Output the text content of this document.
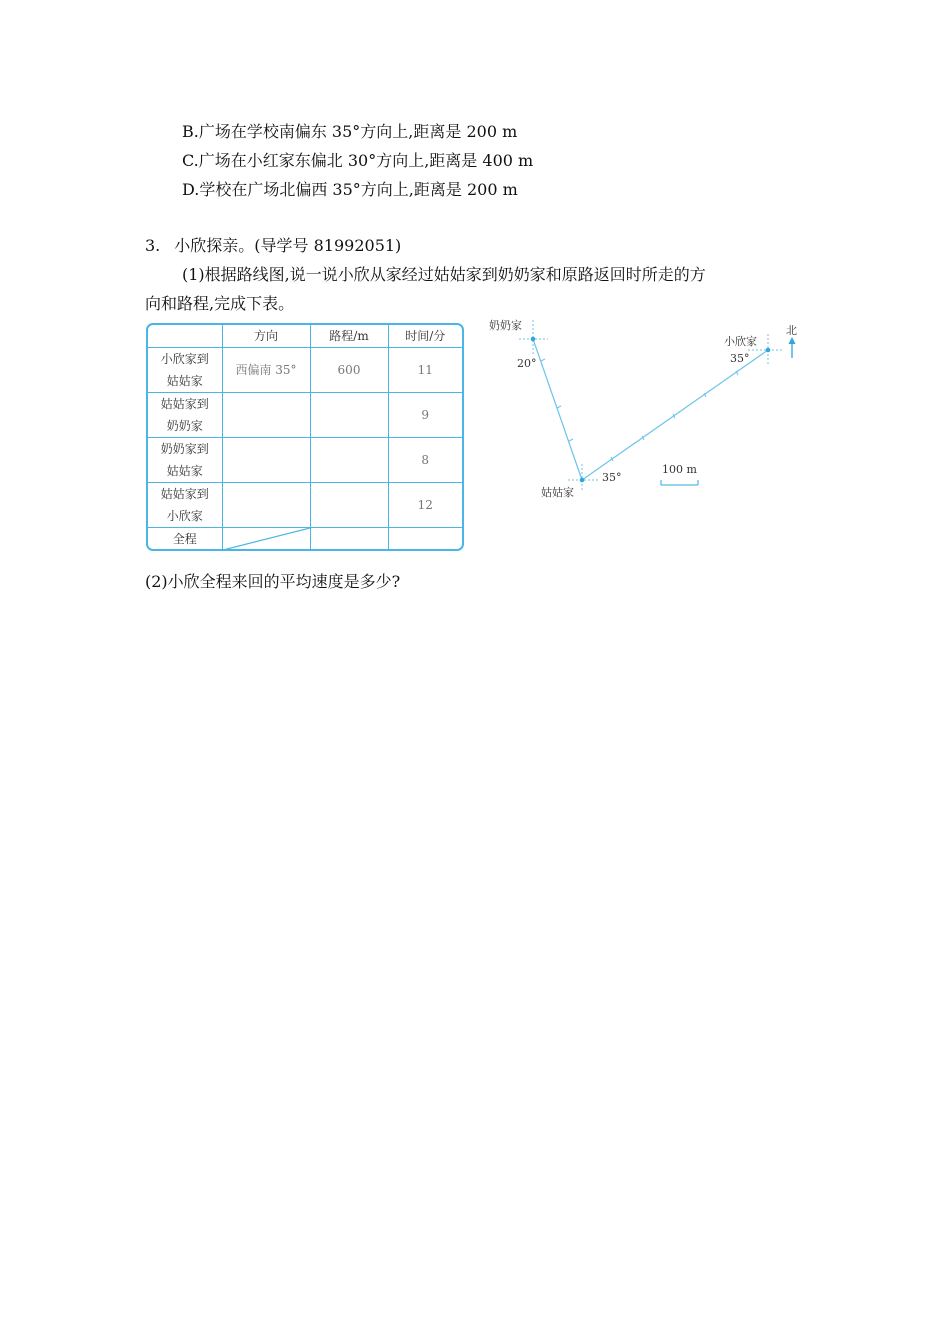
B.广场在学校南偏东 35°方向上,距离是 200 m
C.广场在小红家东偏北 30°方向上,距离是 400 m
D.学校在广场北偏西 35°方向上,距离是 200 m
3. 小欣探亲。(导学号 81992051)
(1)根据路线图,说一说小欣从家经过姑姑家到奶奶家和原路返回时所走的方
向和路程,完成下表。
	方向	路程/m	时间/分
小欣家到
姑姑家	西偏南 35°	600	11
姑姑家到
奶奶家			9
奶奶家到
姑姑家			8
姑姑家到
小欣家			12
全程	

奶奶家
20°
姑姑家
35°
小欣家
35°
北
100 m
(2)小欣全程来回的平均速度是多少?
